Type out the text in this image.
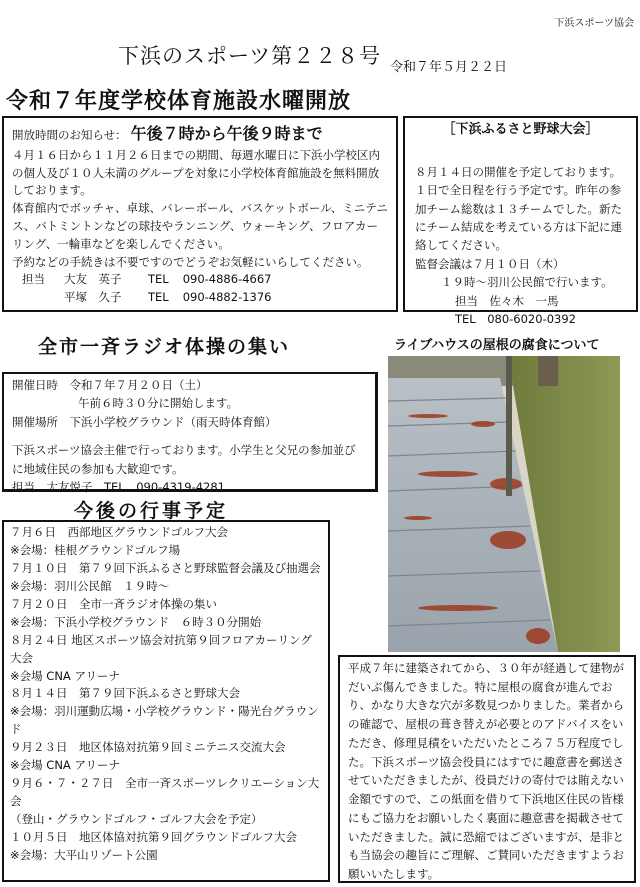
下浜スポーツ協会
下浜のスポーツ第２２８号 令和７年５月２２日
令和７年度学校体育施設水曜開放
開放時間のお知らせ： 午後７時から午後９時まで
４月１６日から１１月２６日までの期間、毎週水曜日に下浜小学校区内の個人及び１０人未満のグループを対象に小学校体育館施設を無料開放しております。
体育館内でボッチャ、卓球、バレーボール、バスケットボール、ミニテニス、バトミントンなどの球技やランニング、ウォーキング、フロアカーリング、一輪車などを楽しんでください。
予約などの手続きは不要ですのでどうぞお気軽にいらしてください。
担当	大友　英子	TEL 090-4886-4667
平塚　久子	TEL 090-4882-1376
［下浜ふるさと野球大会］
８月１４日の開催を予定しております。１日で全日程を行う予定です。昨年の参加チーム総数は１３チームでした。新たにチーム結成を考えている方は下記に連絡してください。
監督会議は７月１０日（木）
１９時～羽川公民館で行います。
担当　佐々木　一馬
TEL　080-6020-0392
全市一斉ラジオ体操の集い	ライブハウスの屋根の腐食について
開催日時　令和７年７月２０日（土）
午前６時３０分に開始します。
開催場所　下浜小学校グラウンド（雨天時体育館）
下浜スポーツ協会主催で行っております。小学生と父兄の参加並びに地域住民の参加も大歓迎です。
担当　大友悦子　TEL　090-4319-4281
今後の行事予定
７月６日　西部地区グラウンドゴルフ大会
※会場：桂根グラウンドゴルフ場
７月１０日　第７９回下浜ふるさと野球監督会議及び抽選会
※会場：羽川公民館　１９時～
７月２０日　全市一斉ラジオ体操の集い
※会場：下浜小学校グラウンド　６時３０分開始
８月２４日 地区スポーツ協会対抗第９回フロアカーリング大会
※会場 CNA アリーナ
８月１４日　第７９回下浜ふるさと野球大会
※会場：羽川運動広場・小学校グラウンド・陽光台グラウンド
９月２３日　地区体協対抗第９回ミニテニス交流大会
※会場 CNA アリーナ
９月６・７・２７日　全市一斉スポーツレクリエーション大会
（登山・グラウンドゴルフ・ゴルフ大会を予定）
１０月５日　地区体協対抗第９回グラウンドゴルフ大会
※会場：大平山リゾート公園
平成７年に建築されてから、３０年が経過して建物がだいぶ傷んできました。特に屋根の腐食が進んでおり、かなり大きな穴が多数見つかりました。業者からの確認で、屋根の葺き替えが必要とのアドバイスをいただき、修理見積をいただいたところ７５万程度でした。下浜スポーツ協会役員にはすでに趣意書を郵送させていただきましたが、役員だけの寄付では賄えない金額ですので、この紙面を借りて下浜地区住民の皆様にもご協力をお願いしたく裏面に趣意書を掲載させていただきました。誠に恐縮ではございますが、是非とも当協会の趣旨にご理解、ご賛同いただきますようお願いいたします。
